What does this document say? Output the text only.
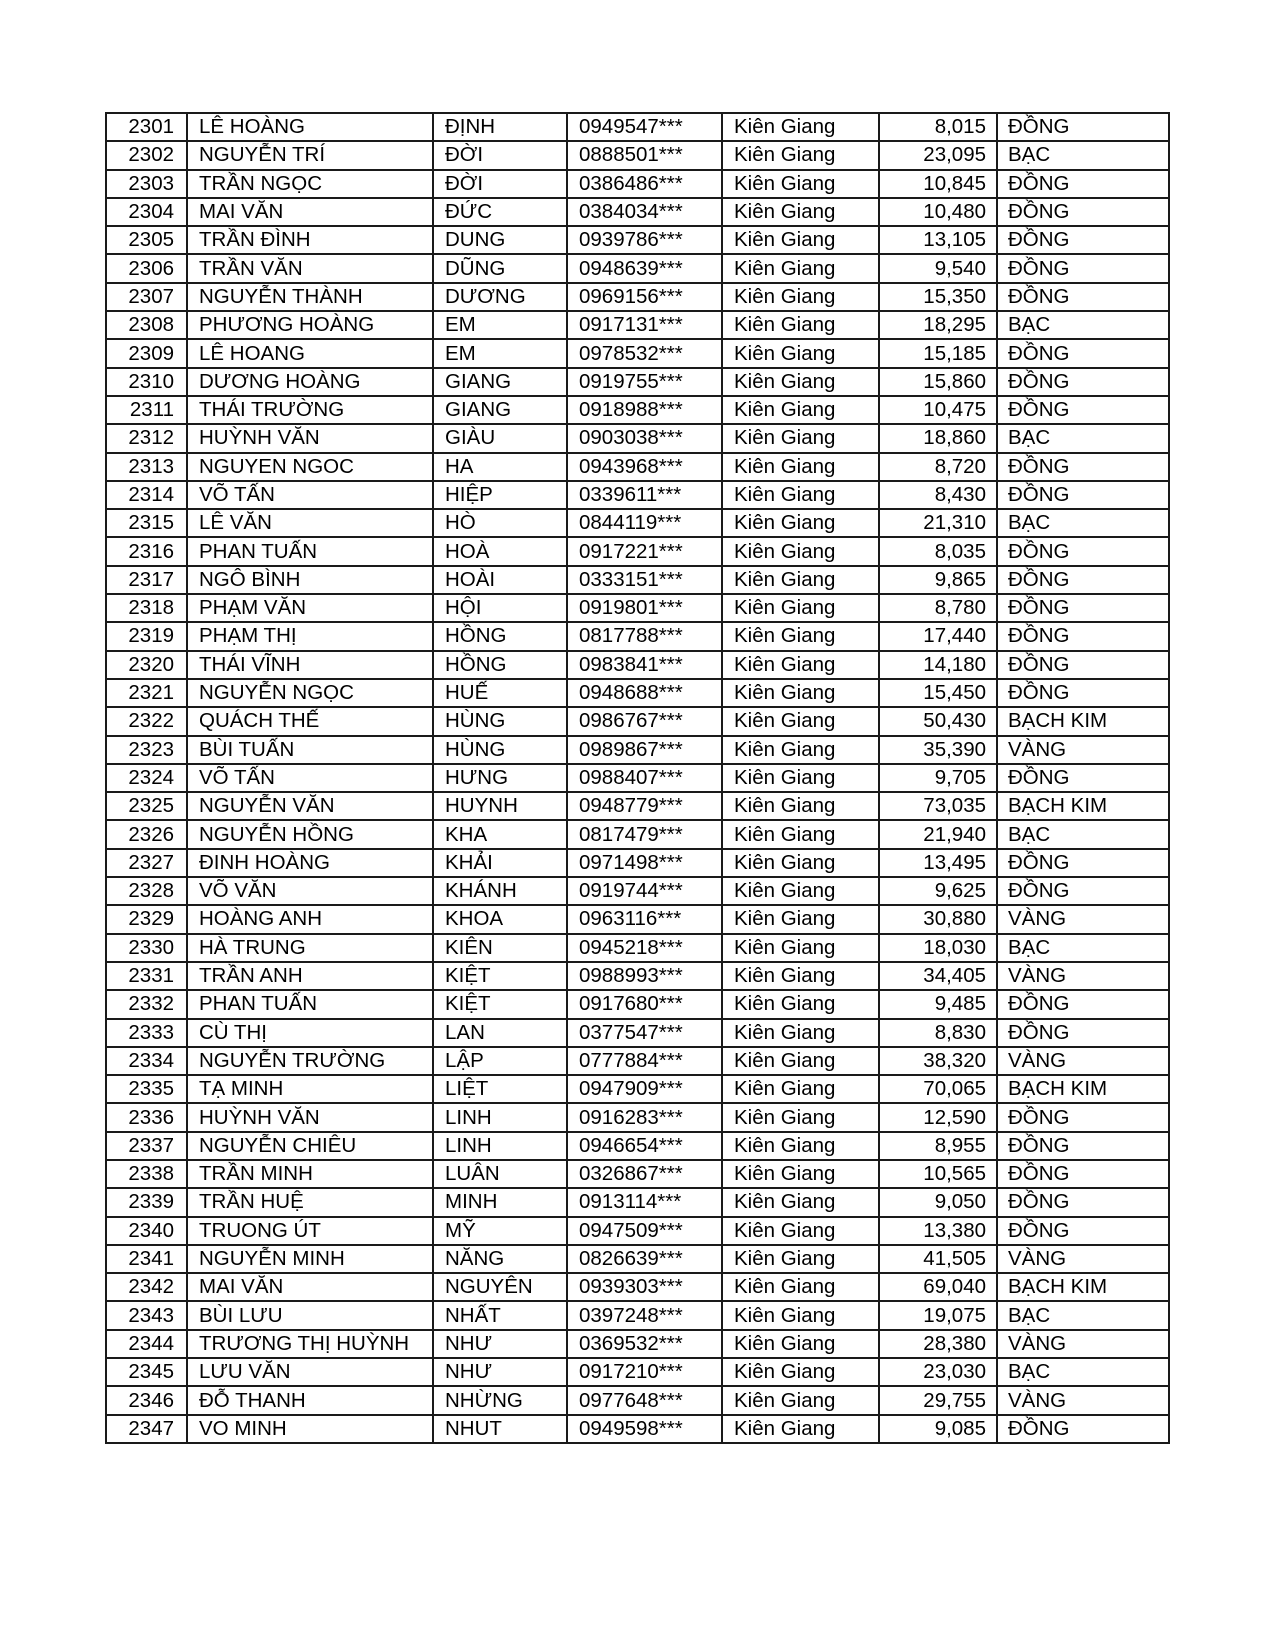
2301	LÊ HOÀNG	ĐỊNH	0949547***	Kiên Giang	8,015	ĐỒNG
2302	NGUYỄN TRÍ	ĐỜI	0888501***	Kiên Giang	23,095	BẠC
2303	TRẦN NGỌC	ĐỜI	0386486***	Kiên Giang	10,845	ĐỒNG
2304	MAI VĂN	ĐỨC	0384034***	Kiên Giang	10,480	ĐỒNG
2305	TRẦN ĐÌNH	DUNG	0939786***	Kiên Giang	13,105	ĐỒNG
2306	TRẦN VĂN	DŨNG	0948639***	Kiên Giang	9,540	ĐỒNG
2307	NGUYỄN THÀNH	DƯƠNG	0969156***	Kiên Giang	15,350	ĐỒNG
2308	PHƯƠNG HOÀNG	EM	0917131***	Kiên Giang	18,295	BẠC
2309	LÊ HOANG	EM	0978532***	Kiên Giang	15,185	ĐỒNG
2310	DƯƠNG HOÀNG	GIANG	0919755***	Kiên Giang	15,860	ĐỒNG
2311	THÁI TRƯỜNG	GIANG	0918988***	Kiên Giang	10,475	ĐỒNG
2312	HUỲNH VĂN	GIÀU	0903038***	Kiên Giang	18,860	BẠC
2313	NGUYEN NGOC	HA	0943968***	Kiên Giang	8,720	ĐỒNG
2314	VÕ TẤN	HIỆP	0339611***	Kiên Giang	8,430	ĐỒNG
2315	LÊ VĂN	HÒ	0844119***	Kiên Giang	21,310	BẠC
2316	PHAN TUẤN	HOÀ	0917221***	Kiên Giang	8,035	ĐỒNG
2317	NGÔ BÌNH	HOÀI	0333151***	Kiên Giang	9,865	ĐỒNG
2318	PHẠM VĂN	HỘI	0919801***	Kiên Giang	8,780	ĐỒNG
2319	PHẠM THỊ	HỒNG	0817788***	Kiên Giang	17,440	ĐỒNG
2320	THÁI VĨNH	HỒNG	0983841***	Kiên Giang	14,180	ĐỒNG
2321	NGUYỄN NGỌC	HUẾ	0948688***	Kiên Giang	15,450	ĐỒNG
2322	QUÁCH THẾ	HÙNG	0986767***	Kiên Giang	50,430	BẠCH KIM
2323	BÙI TUẤN	HÙNG	0989867***	Kiên Giang	35,390	VÀNG
2324	VÕ TẤN	HƯNG	0988407***	Kiên Giang	9,705	ĐỒNG
2325	NGUYỄN VĂN	HUYNH	0948779***	Kiên Giang	73,035	BẠCH KIM
2326	NGUYỄN HỒNG	KHA	0817479***	Kiên Giang	21,940	BẠC
2327	ĐINH HOÀNG	KHẢI	0971498***	Kiên Giang	13,495	ĐỒNG
2328	VÕ VĂN	KHÁNH	0919744***	Kiên Giang	9,625	ĐỒNG
2329	HOÀNG ANH	KHOA	0963116***	Kiên Giang	30,880	VÀNG
2330	HÀ TRUNG	KIÊN	0945218***	Kiên Giang	18,030	BẠC
2331	TRẦN ANH	KIỆT	0988993***	Kiên Giang	34,405	VÀNG
2332	PHAN TUẤN	KIỆT	0917680***	Kiên Giang	9,485	ĐỒNG
2333	CÙ THỊ	LAN	0377547***	Kiên Giang	8,830	ĐỒNG
2334	NGUYỄN TRƯỜNG	LẬP	0777884***	Kiên Giang	38,320	VÀNG
2335	TẠ MINH	LIỆT	0947909***	Kiên Giang	70,065	BẠCH KIM
2336	HUỲNH VĂN	LINH	0916283***	Kiên Giang	12,590	ĐỒNG
2337	NGUYỄN CHIÊU	LINH	0946654***	Kiên Giang	8,955	ĐỒNG
2338	TRẦN MINH	LUÂN	0326867***	Kiên Giang	10,565	ĐỒNG
2339	TRẦN HUỆ	MINH	0913114***	Kiên Giang	9,050	ĐỒNG
2340	TRUONG ÚT	MỸ	0947509***	Kiên Giang	13,380	ĐỒNG
2341	NGUYỄN MINH	NĂNG	0826639***	Kiên Giang	41,505	VÀNG
2342	MAI VĂN	NGUYÊN	0939303***	Kiên Giang	69,040	BẠCH KIM
2343	BÙI LƯU	NHẤT	0397248***	Kiên Giang	19,075	BẠC
2344	TRƯƠNG THỊ HUỲNH	NHƯ	0369532***	Kiên Giang	28,380	VÀNG
2345	LƯU VĂN	NHƯ	0917210***	Kiên Giang	23,030	BẠC
2346	ĐỖ THANH	NHỪNG	0977648***	Kiên Giang	29,755	VÀNG
2347	VO MINH	NHUT	0949598***	Kiên Giang	9,085	ĐỒNG
